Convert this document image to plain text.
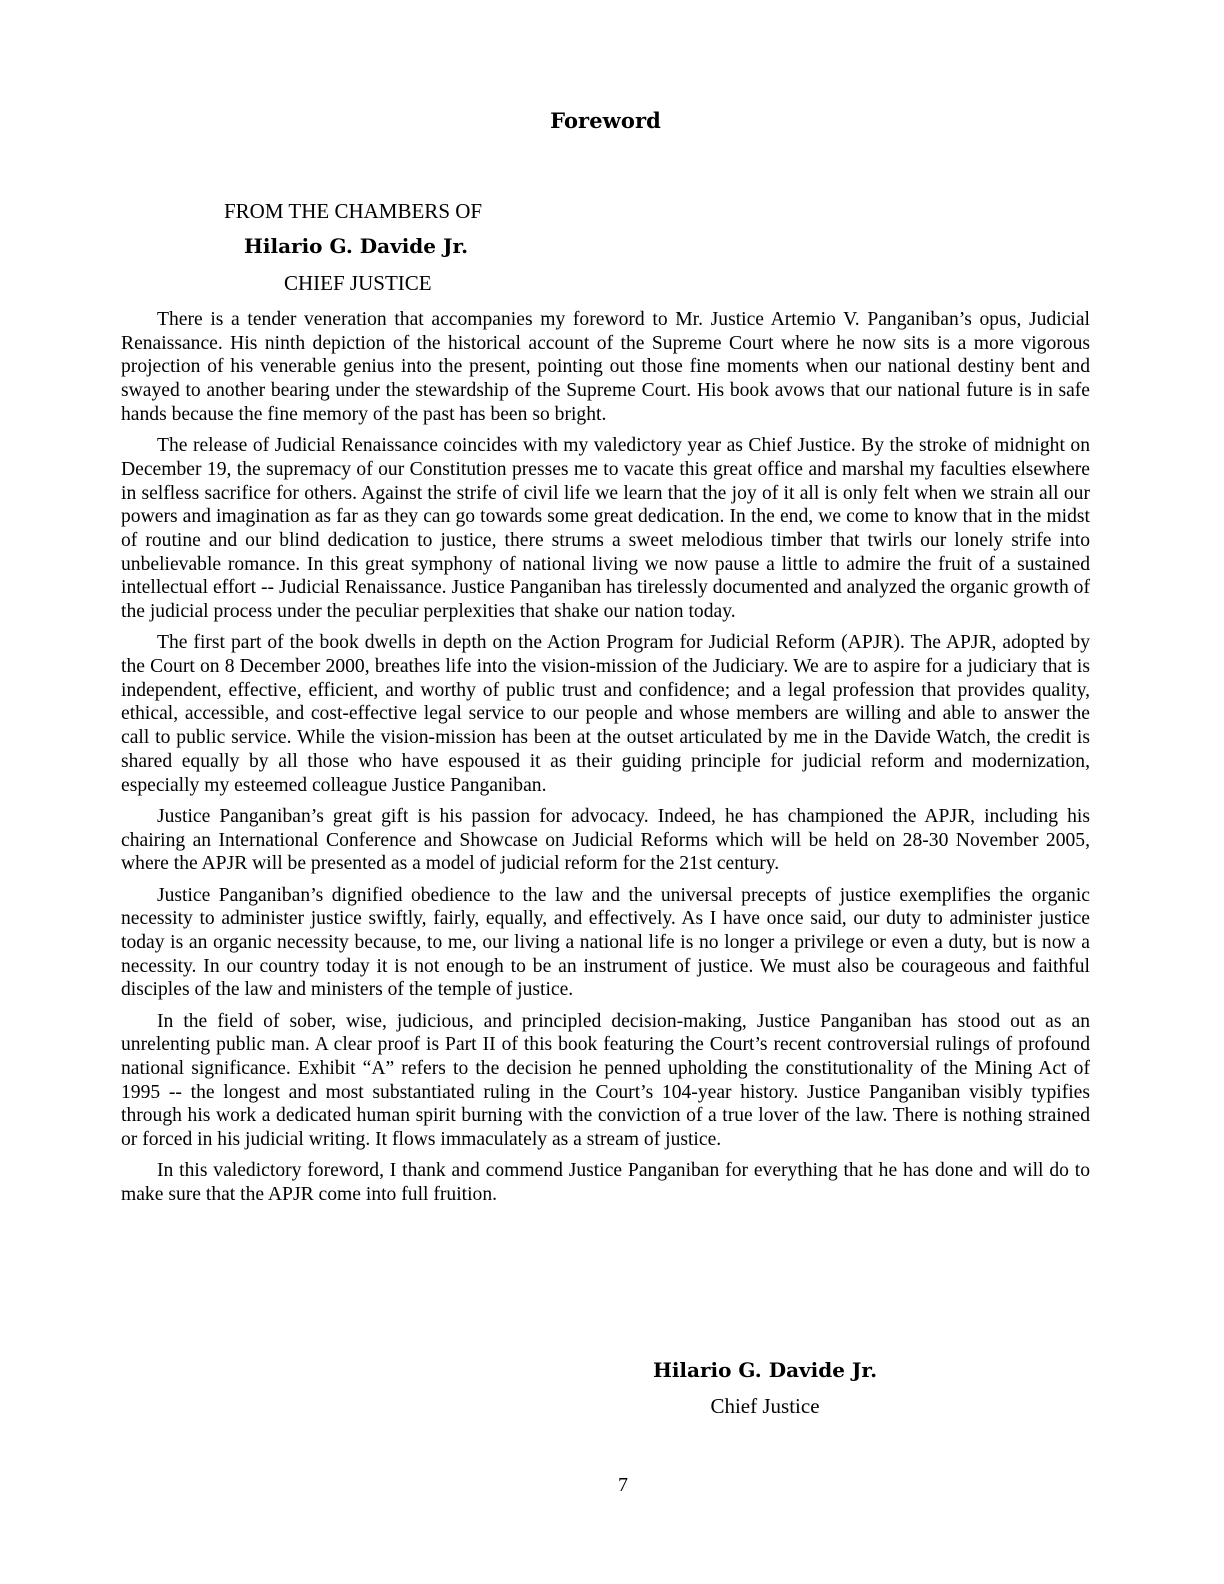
Foreword
FROM THE CHAMBERS OF
Hilario G. Davide Jr.
CHIEF JUSTICE

There is a tender veneration that accompanies my foreword to Mr. Justice Artemio V. Panganiban’s opus, Judicial Renaissance. His ninth depiction of the historical account of the Supreme Court where he now sits is a more vigorous projection of his venerable genius into the present, pointing out those fine moments when our national destiny bent and swayed to another bearing under the stewardship of the Supreme Court. His book avows that our national future is in safe hands because the fine memory of the past has been so bright.

The release of Judicial Renaissance coincides with my valedictory year as Chief Justice. By the stroke of midnight on December 19, the supremacy of our Constitution presses me to vacate this great office and marshal my faculties elsewhere in selfless sacrifice for others. Against the strife of civil life we learn that the joy of it all is only felt when we strain all our powers and imagination as far as they can go towards some great dedication. In the end, we come to know that in the midst of routine and our blind dedication to justice, there strums a sweet melodious timber that twirls our lonely strife into unbelievable romance. In this great symphony of national living we now pause a little to admire the fruit of a sustained intellectual effort -- Judicial Renaissance. Justice Panganiban has tirelessly documented and analyzed the organic growth of the judicial process under the peculiar perplexities that shake our nation today.

The first part of the book dwells in depth on the Action Program for Judicial Reform (APJR). The APJR, adopted by the Court on 8 December 2000, breathes life into the vision-mission of the Judiciary. We are to aspire for a judiciary that is independent, effective, efficient, and worthy of public trust and confidence; and a legal profession that provides quality, ethical, accessible, and cost-effective legal service to our people and whose members are willing and able to answer the call to public service. While the vision-mission has been at the outset articulated by me in the Davide Watch, the credit is shared equally by all those who have espoused it as their guiding principle for judicial reform and modernization, especially my esteemed colleague Justice Panganiban.

Justice Panganiban’s great gift is his passion for advocacy. Indeed, he has championed the APJR, including his chairing an International Conference and Showcase on Judicial Reforms which will be held on 28-30 November 2005, where the APJR will be presented as a model of judicial reform for the 21st century.

Justice Panganiban’s dignified obedience to the law and the universal precepts of justice exemplifies the organic necessity to administer justice swiftly, fairly, equally, and effectively. As I have once said, our duty to administer justice today is an organic necessity because, to me, our living a national life is no longer a privilege or even a duty, but is now a necessity. In our country today it is not enough to be an instrument of justice. We must also be courageous and faithful disciples of the law and ministers of the temple of justice.

In the field of sober, wise, judicious, and principled decision-making, Justice Panganiban has stood out as an unrelenting public man. A clear proof is Part II of this book featuring the Court’s recent controversial rulings of profound national significance. Exhibit “A” refers to the decision he penned upholding the constitutionality of the Mining Act of 1995 -- the longest and most substantiated ruling in the Court’s 104-year history. Justice Panganiban visibly typifies through his work a dedicated human spirit burning with the conviction of a true lover of the law. There is nothing strained or forced in his judicial writing. It flows immaculately as a stream of justice.

In this valedictory foreword, I thank and commend Justice Panganiban for everything that he has done and will do to make sure that the APJR come into full fruition.

Hilario G. Davide Jr.
Chief Justice
7
